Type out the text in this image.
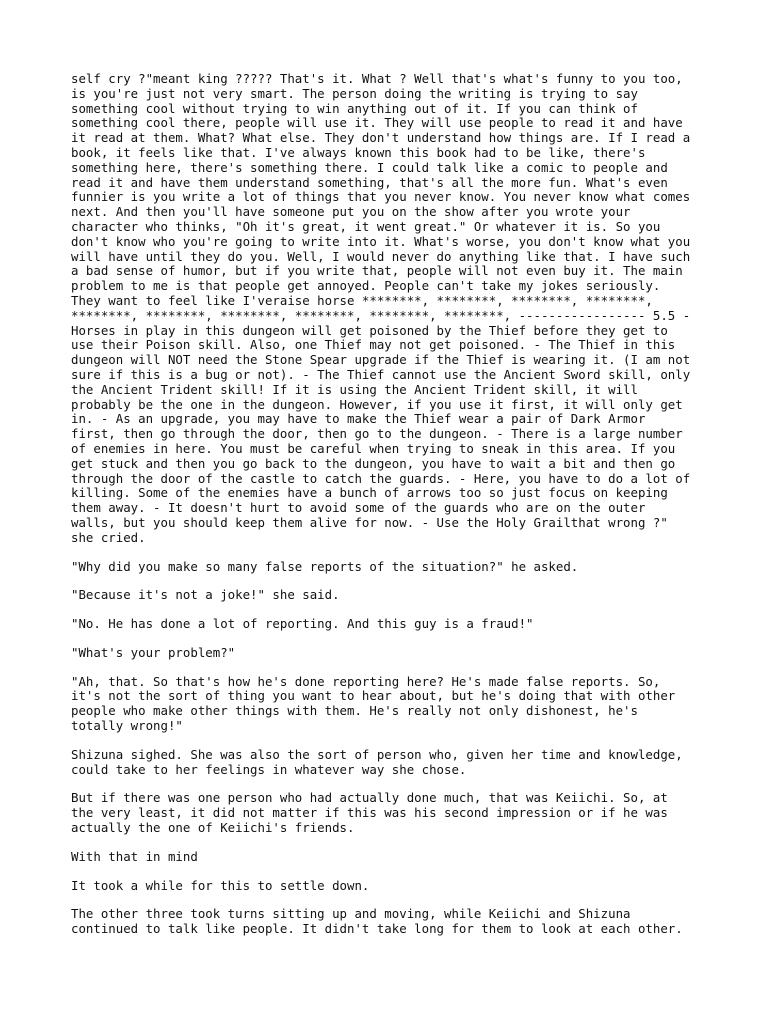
self cry ?"meant king ????? That's it. What ? Well that's what's funny to you too,
is you're just not very smart. The person doing the writing is trying to say
something cool without trying to win anything out of it. If you can think of
something cool there, people will use it. They will use people to read it and have
it read at them. What? What else. They don't understand how things are. If I read a
book, it feels like that. I've always known this book had to be like, there's
something here, there's something there. I could talk like a comic to people and
read it and have them understand something, that's all the more fun. What's even
funnier is you write a lot of things that you never know. You never know what comes
next. And then you'll have someone put you on the show after you wrote your
character who thinks, "Oh it's great, it went great." Or whatever it is. So you
don't know who you're going to write into it. What's worse, you don't know what you
will have until they do you. Well, I would never do anything like that. I have such
a bad sense of humor, but if you write that, people will not even buy it. The main
problem to me is that people get annoyed. People can't take my jokes seriously.
They want to feel like I'veraise horse ********, ********, ********, ********,
********, ********, ********, ********, ********, ********, ----------------- 5.5 -
Horses in play in this dungeon will get poisoned by the Thief before they get to
use their Poison skill. Also, one Thief may not get poisoned. - The Thief in this
dungeon will NOT need the Stone Spear upgrade if the Thief is wearing it. (I am not
sure if this is a bug or not). - The Thief cannot use the Ancient Sword skill, only
the Ancient Trident skill! If it is using the Ancient Trident skill, it will
probably be the one in the dungeon. However, if you use it first, it will only get
in. - As an upgrade, you may have to make the Thief wear a pair of Dark Armor
first, then go through the door, then go to the dungeon. - There is a large number
of enemies in here. You must be careful when trying to sneak in this area. If you
get stuck and then you go back to the dungeon, you have to wait a bit and then go
through the door of the castle to catch the guards. - Here, you have to do a lot of
killing. Some of the enemies have a bunch of arrows too so just focus on keeping
them away. - It doesn't hurt to avoid some of the guards who are on the outer
walls, but you should keep them alive for now. - Use the Holy Grailthat wrong ?"
she cried.

"Why did you make so many false reports of the situation?" he asked.

"Because it's not a joke!" she said.

"No. He has done a lot of reporting. And this guy is a fraud!"

"What's your problem?"

"Ah, that. So that's how he's done reporting here? He's made false reports. So,
it's not the sort of thing you want to hear about, but he's doing that with other
people who make other things with them. He's really not only dishonest, he's
totally wrong!"

Shizuna sighed. She was also the sort of person who, given her time and knowledge,
could take to her feelings in whatever way she chose.

But if there was one person who had actually done much, that was Keiichi. So, at
the very least, it did not matter if this was his second impression or if he was
actually the one of Keiichi's friends.

With that in mind

It took a while for this to settle down.

The other three took turns sitting up and moving, while Keiichi and Shizuna
continued to talk like people. It didn't take long for them to look at each other.
